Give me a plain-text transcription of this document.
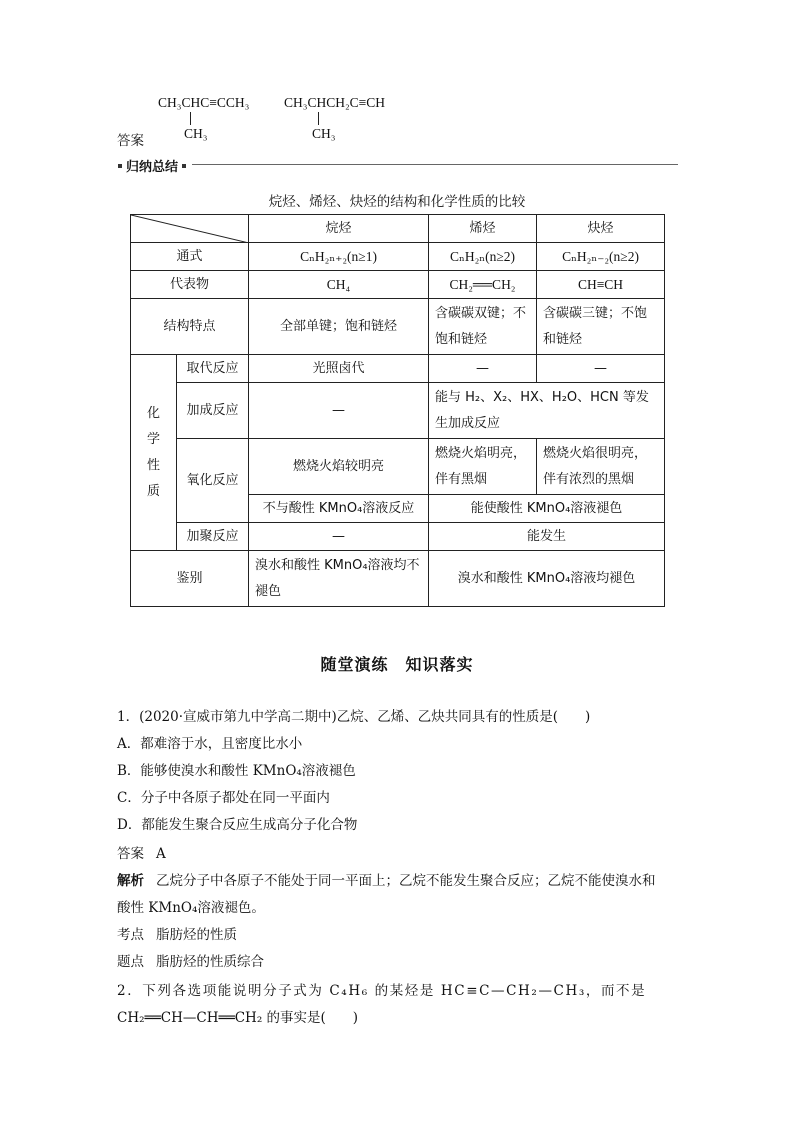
CH₃CHC≡CCH₃
CH₃
CH₃CHCH₂C≡CH
CH₃
答案
归纳总结
烷烃、烯烃、炔烃的结构和化学性质的比较
	烷烃	烯烃	炔烃
通式		CₙH₂ₙ₊₂(n≥1)	CₙH₂ₙ(n≥2)	CₙH₂ₙ₋₂(n≥2)
代表物		CH₄	CH₂══CH₂	CH≡CH
结构特点		全部单键；饱和链烃	含碳碳双键；不饱和链烃	含碳碳三键；不饱和链烃
化学性质	取代反应	光照卤代	—	—
	加成反应	—	能与 H₂、X₂、HX、H₂O、HCN 等发生加成反应	
	氧化反应	燃烧火焰较明亮	燃烧火焰明亮，伴有黑烟	燃烧火焰很明亮，伴有浓烈的黑烟
		不与酸性 KMnO₄溶液反应	能使酸性 KMnO₄溶液褪色	
	加聚反应	—	能发生	
鉴别		溴水和酸性 KMnO₄溶液均不褪色	溴水和酸性 KMnO₄溶液均褪色	
随堂演练　知识落实
1．(2020·宣威市第九中学高二期中)乙烷、乙烯、乙炔共同具有的性质是(　　)
A．都难溶于水，且密度比水小
B．能够使溴水和酸性 KMnO₄溶液褪色
C．分子中各原子都处在同一平面内
D．都能发生聚合反应生成高分子化合物
答案 A
解析 乙烷分子中各原子不能处于同一平面上；乙烷不能发生聚合反应；乙烷不能使溴水和
酸性 KMnO₄溶液褪色。
考点 脂肪烃的性质
题点 脂肪烃的性质综合
2．下列各选项能说明分子式为 C₄H₆ 的某烃是 HC≡C—CH₂—CH₃，而不是
CH₂══CH—CH══CH₂ 的事实是(　　)
